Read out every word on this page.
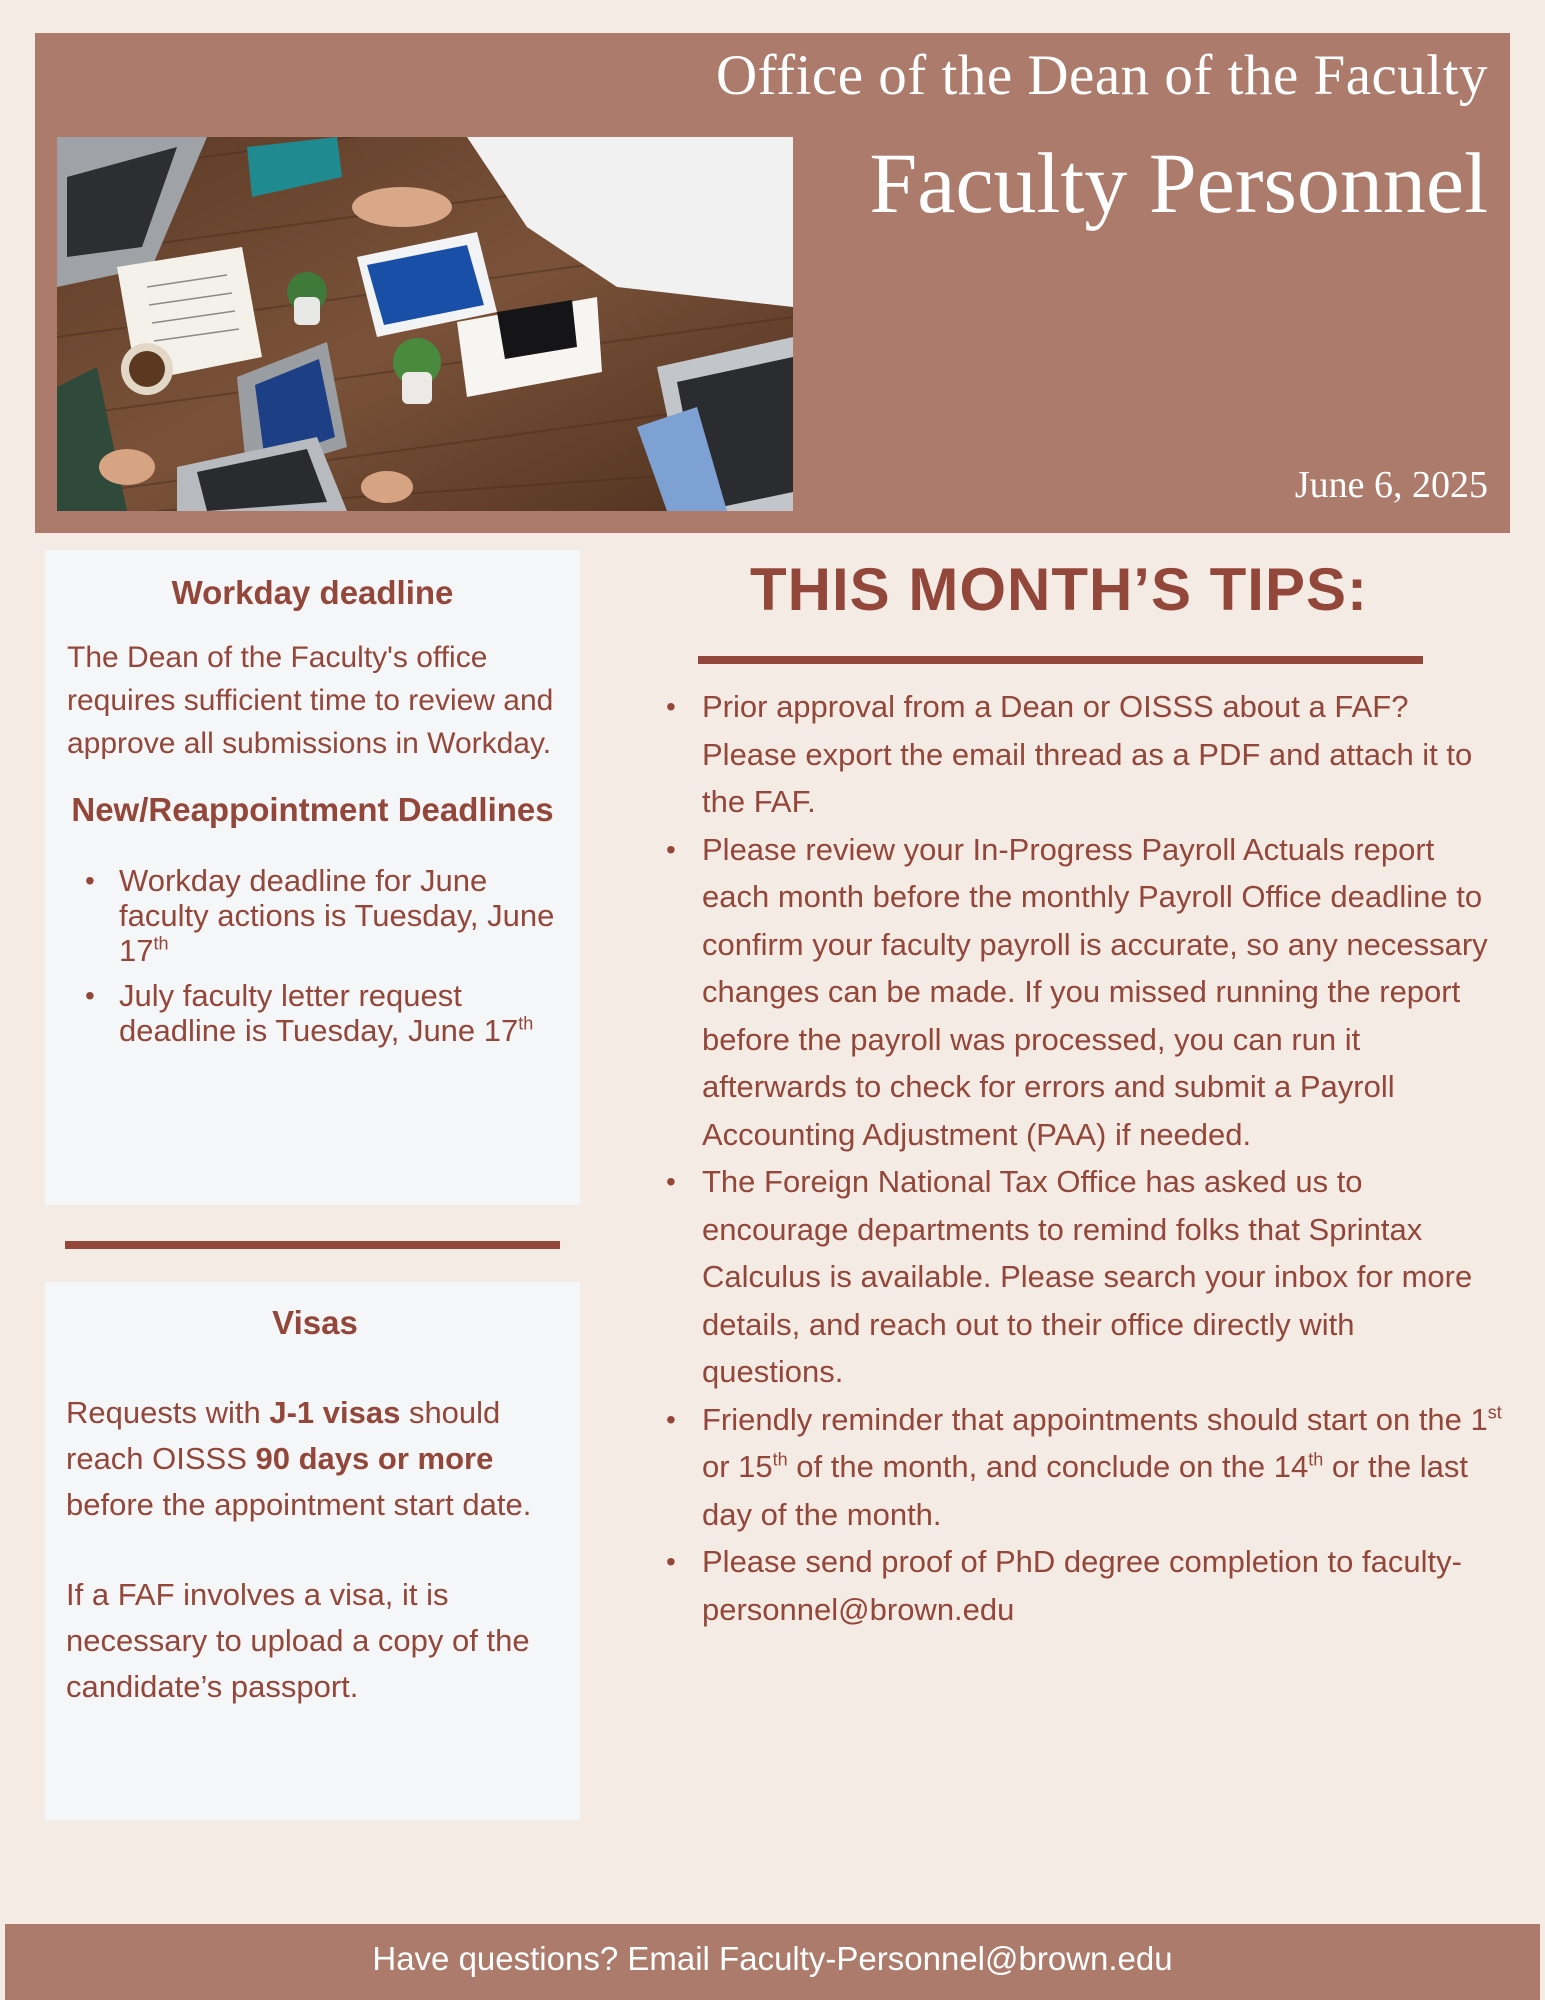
Office of the Dean of the Faculty
Faculty Personnel
June 6, 2025
Workday deadline

The Dean of the Faculty's office requires sufficient time to review and approve all submissions in Workday.

New/Reappointment Deadlines
• Workday deadline for June faculty actions is Tuesday, June 17th
• July faculty letter request deadline is Tuesday, June 17th
Visas

Requests with J-1 visas should reach OISSS 90 days or more before the appointment start date.

If a FAF involves a visa, it is necessary to upload a copy of the candidate’s passport.

THIS MONTH’S TIPS:
• Prior approval from a Dean or OISSS about a FAF? Please export the email thread as a PDF and attach it to the FAF.
• Please review your In-Progress Payroll Actuals report each month before the monthly Payroll Office deadline to confirm your faculty payroll is accurate, so any necessary changes can be made. If you missed running the report before the payroll was processed, you can run it afterwards to check for errors and submit a Payroll Accounting Adjustment (PAA) if needed.
• The Foreign National Tax Office has asked us to encourage departments to remind folks that Sprintax Calculus is available. Please search your inbox for more details, and reach out to their office directly with questions.
• Friendly reminder that appointments should start on the 1st or 15th of the month, and conclude on the 14th or the last day of the month.
• Please send proof of PhD degree completion to faculty-personnel@brown.edu
Have questions? Email Faculty-Personnel@brown.edu
